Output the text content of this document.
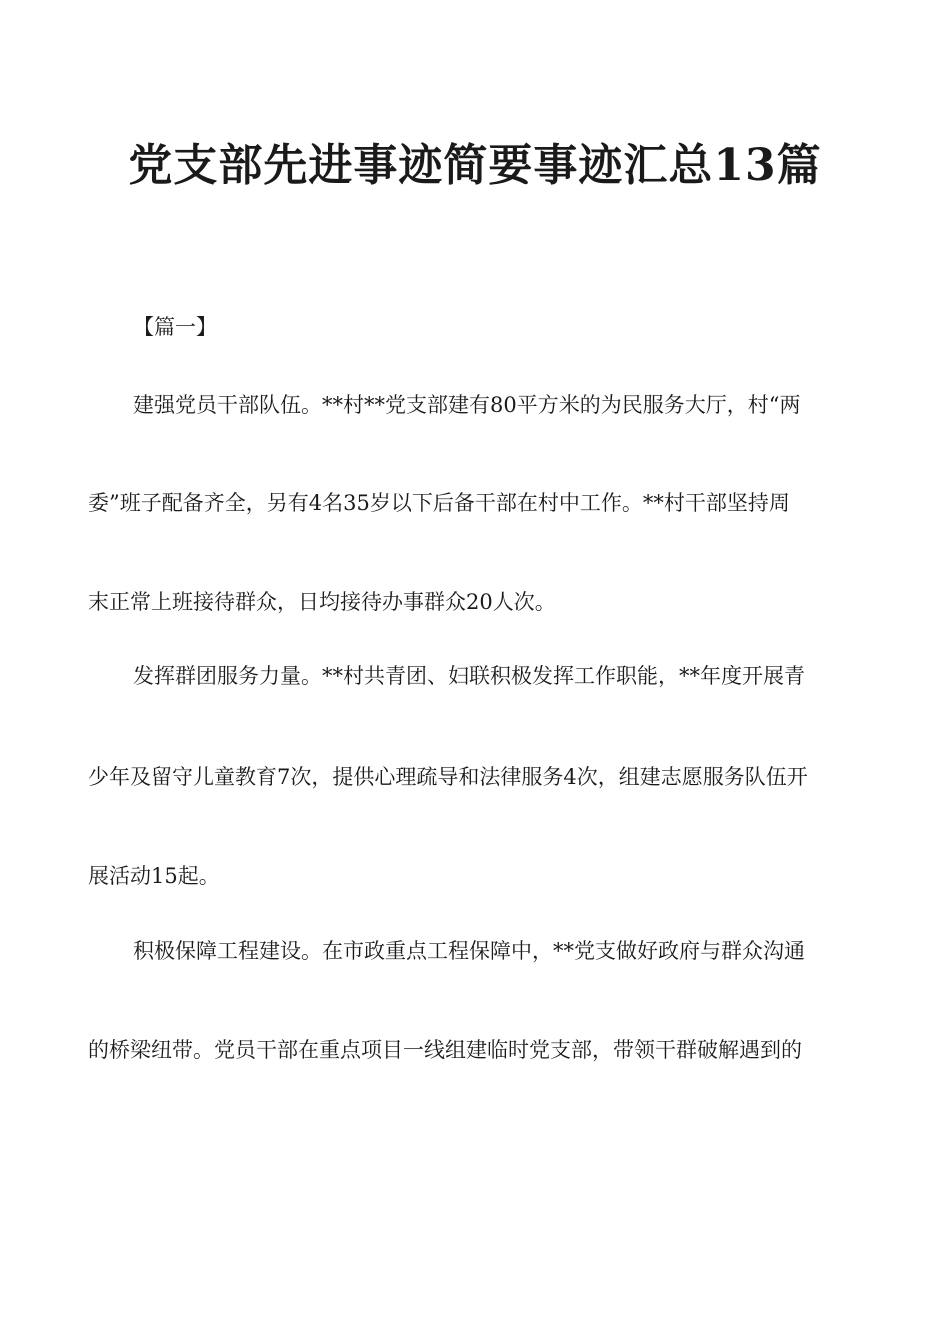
党支部先进事迹简要事迹汇总13篇

【篇一】

建强党员干部队伍。**村**党支部建有80平方米的为民服务大厅，村“两

委”班子配备齐全，另有4名35岁以下后备干部在村中工作。**村干部坚持周

末正常上班接待群众，日均接待办事群众20人次。

发挥群团服务力量。**村共青团、妇联积极发挥工作职能，**年度开展青

少年及留守儿童教育7次，提供心理疏导和法律服务4次，组建志愿服务队伍开

展活动15起。

积极保障工程建设。在市政重点工程保障中，**党支做好政府与群众沟通

的桥梁纽带。党员干部在重点项目一线组建临时党支部，带领干群破解遇到的
